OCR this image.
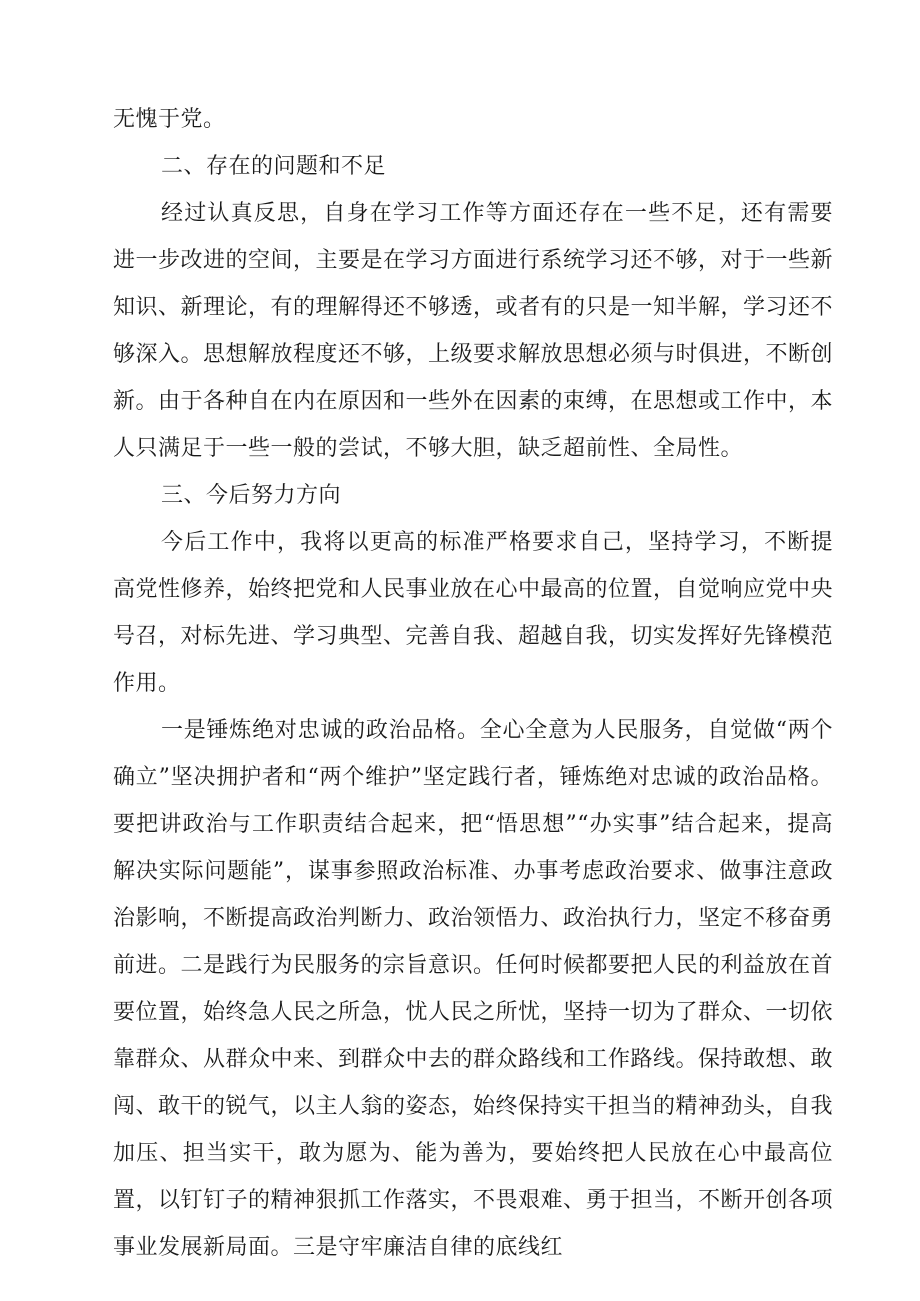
无愧于党。

二、存在的问题和不足

经过认真反思，自身在学习工作等方面还存在一些不足，还有需要进一步改进的空间，主要是在学习方面进行系统学习还不够，对于一些新知识、新理论，有的理解得还不够透，或者有的只是一知半解，学习还不够深入。思想解放程度还不够，上级要求解放思想必须与时俱进，不断创新。由于各种自在内在原因和一些外在因素的束缚，在思想或工作中，本人只满足于一些一般的尝试，不够大胆，缺乏超前性、全局性。

三、今后努力方向

今后工作中，我将以更高的标准严格要求自己，坚持学习，不断提高党性修养，始终把党和人民事业放在心中最高的位置，自觉响应党中央号召，对标先进、学习典型、完善自我、超越自我，切实发挥好先锋模范作用。

一是锤炼绝对忠诚的政治品格。全心全意为人民服务，自觉做“两个确立”坚决拥护者和“两个维护”坚定践行者，锤炼绝对忠诚的政治品格。要把讲政治与工作职责结合起来，把“悟思想”“办实事”结合起来，提高解决实际问题能”，谋事参照政治标准、办事考虑政治要求、做事注意政治影响，不断提高政治判断力、政治领悟力、政治执行力，坚定不移奋勇前进。二是践行为民服务的宗旨意识。任何时候都要把人民的利益放在首要位置，始终急人民之所急，忧人民之所忧，坚持一切为了群众、一切依靠群众、从群众中来、到群众中去的群众路线和工作路线。保持敢想、敢闯、敢干的锐气，以主人翁的姿态，始终保持实干担当的精神劲头，自我加压、担当实干，敢为愿为、能为善为，要始终把人民放在心中最高位置，以钉钉子的精神狠抓工作落实，不畏艰难、勇于担当，不断开创各项事业发展新局面。三是守牢廉洁自律的底线红
